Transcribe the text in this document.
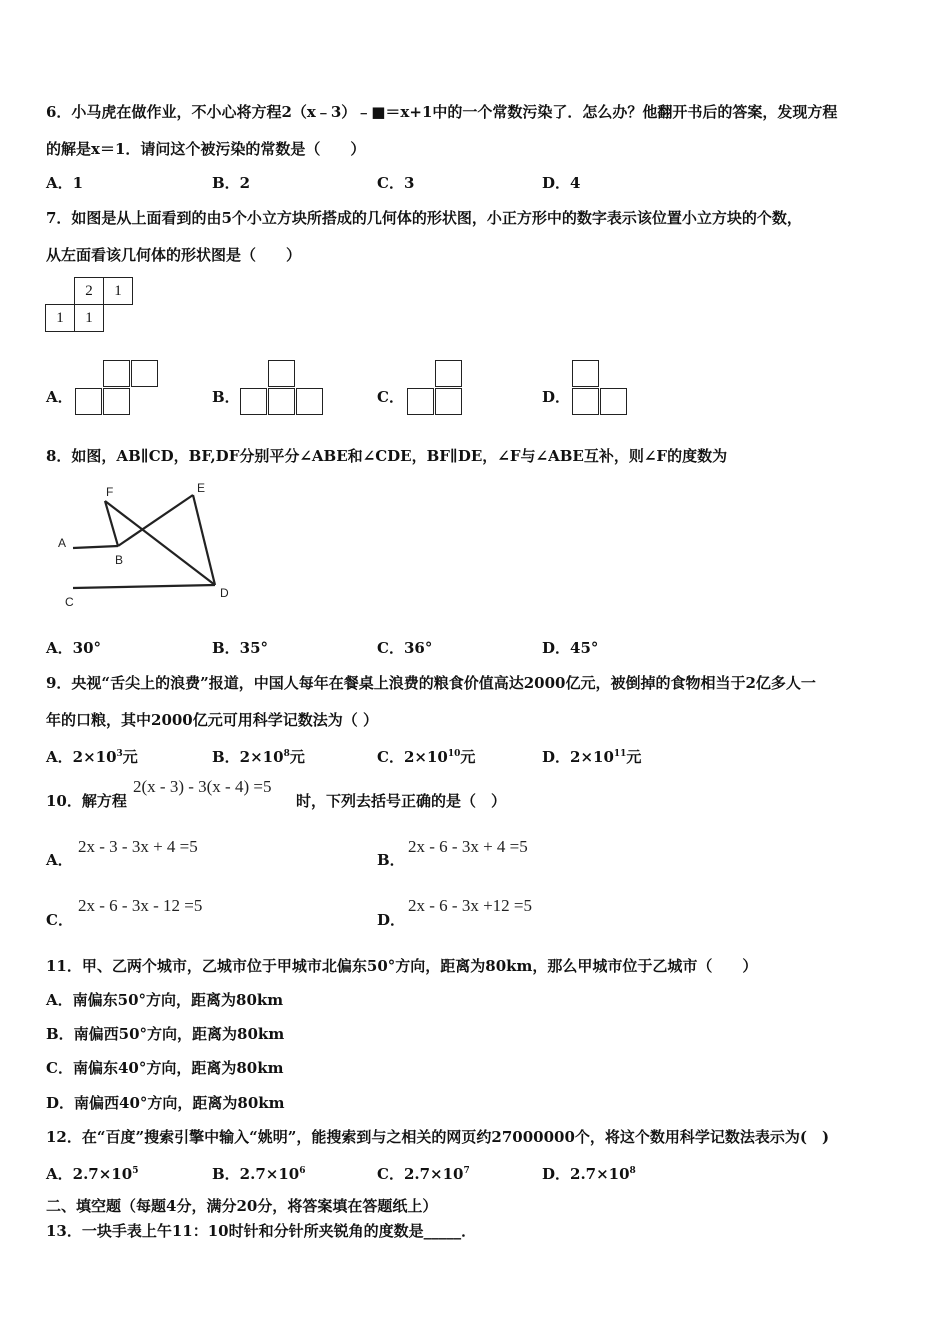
6．小马虎在做作业，不小心将方程2（x﹣3）﹣■＝x+1中的一个常数污染了．怎么办？他翻开书后的答案，发现方程
的解是x＝1．请问这个被污染的常数是（　　）
A．1	B．2	C．3	D．4
7．如图是从上面看到的由5个小立方块所搭成的几何体的形状图，小正方形中的数字表示该位置小立方块的个数，
从左面看该几何体的形状图是（　　）
	2	1
1	1	
A．	B．	C．	D．
8．如图，AB∥CD，BF,DF分别平分∠ABE和∠CDE，BF∥DE，∠F与∠ABE互补，则∠F的度数为
A
B
C
D
E
F
A．30°	B．35°	C．36°	D．45°
9．央视“舌尖上的浪费”报道，中国人每年在餐桌上浪费的粮食价值高达2000亿元，被倒掉的食物相当于2亿多人一
年的口粮，其中2000亿元可用科学记数法为（ ）
A．$2\times 10^3$元	B．$2\times 10^8$元	C．$2\times 10^{10}$元	D．$2\times 10^{11}$元
10．解方程
2(x - 3) - 3(x - 4) =5
时，下列去括号正确的是（　）
A．
2x - 3 - 3x + 4 =5
B．
2x - 6 - 3x + 4 =5
C．
2x - 6 - 3x - 12 =5
D．
2x - 6 - 3x +12 =5
11．甲、乙两个城市，乙城市位于甲城市北偏东50°方向，距离为80km，那么甲城市位于乙城市（　　）
A．南偏东50°方向，距离为80km
B．南偏西50°方向，距离为80km
C．南偏东40°方向，距离为80km
D．南偏西40°方向，距离为80km
12．在“百度”搜索引擎中输入“姚明”，能搜索到与之相关的网页约27000000个，将这个数用科学记数法表示为(　)
A．$2.7\times 10^5$	B．$2.7\times 10^6$	C．$2.7\times 10^7$	D．$2.7\times 10^8$
二、填空题（每题4分，满分20分，将答案填在答题纸上）
13．一块手表上午11：10时针和分针所夹锐角的度数是_____．
